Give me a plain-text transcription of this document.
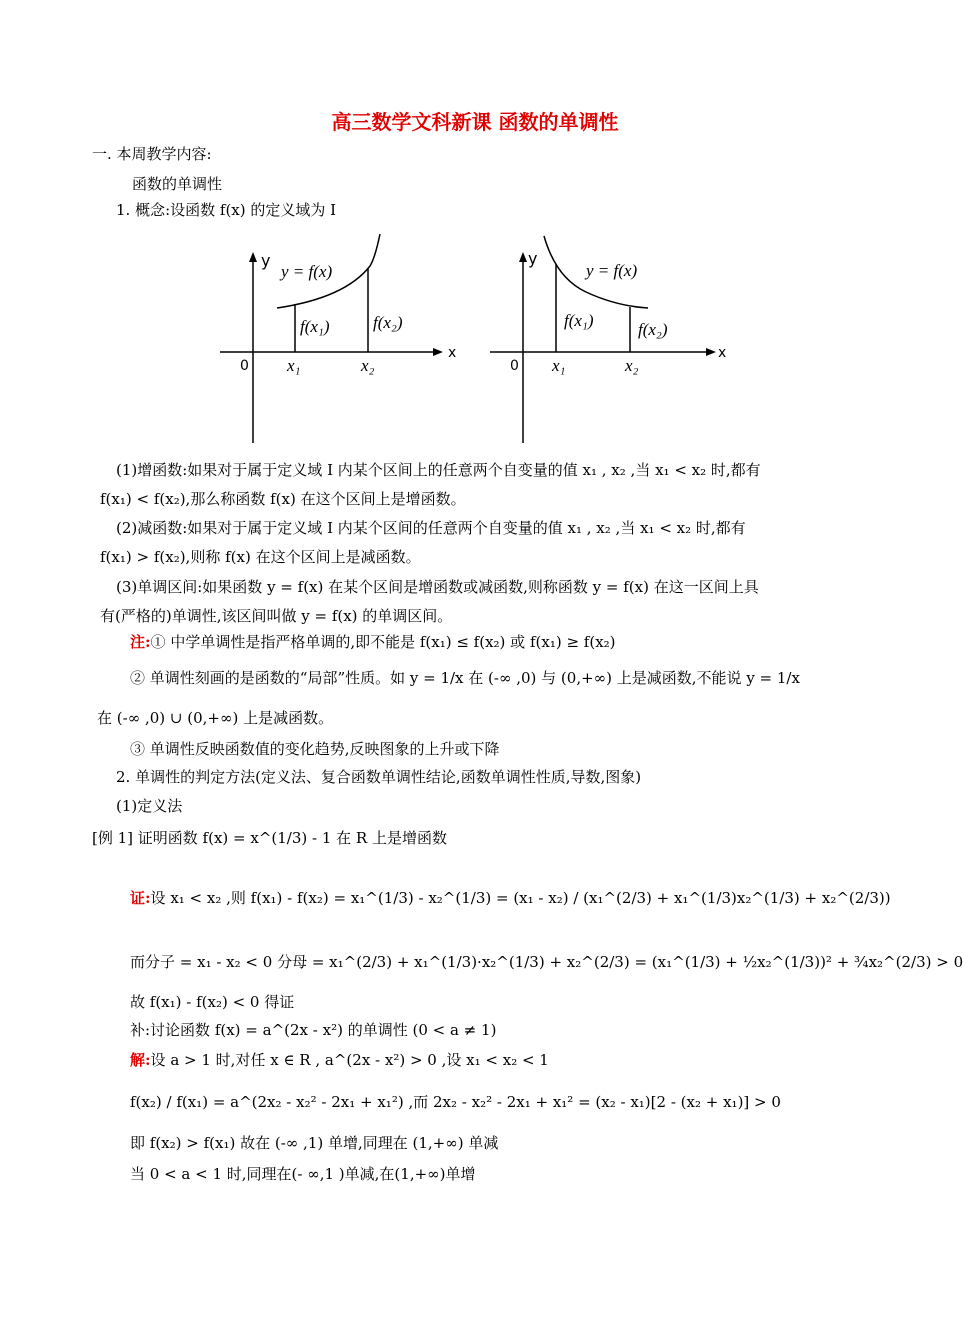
高三数学文科新课 函数的单调性
一. 本周教学内容:
函数的单调性
1. 概念:设函数 f(x) 的定义域为 I
y
x
0
y = f(x)
f(x₁)	f(x₂)
x₁	x₂
y
x
0
y = f(x)
f(x₁)	f(x₂)
x₁	x₂
(1)增函数:如果对于属于定义域 I 内某个区间上的任意两个自变量的值 x₁ , x₂ ,当 x₁ < x₂ 时,都有
f(x₁) < f(x₂),那么称函数 f(x) 在这个区间上是增函数。
(2)减函数:如果对于属于定义域 I 内某个区间的任意两个自变量的值 x₁ , x₂ ,当 x₁ < x₂ 时,都有
f(x₁) > f(x₂),则称 f(x) 在这个区间上是减函数。
(3)单调区间:如果函数 y = f(x) 在某个区间是增函数或减函数,则称函数 y = f(x) 在这一区间上具
有(严格的)单调性,该区间叫做 y = f(x) 的单调区间。
注:① 中学单调性是指严格单调的,即不能是 f(x₁) ≤ f(x₂) 或 f(x₁) ≥ f(x₂)
② 单调性刻画的是函数的“局部”性质。如 y = 1/x 在 (-∞ ,0) 与 (0,+∞) 上是减函数,不能说 y = 1/x
在 (-∞ ,0) ∪ (0,+∞) 上是减函数。
③ 单调性反映函数值的变化趋势,反映图象的上升或下降
2. 单调性的判定方法(定义法、复合函数单调性结论,函数单调性性质,导数,图象)
(1)定义法
[例 1] 证明函数 f(x) = x^(1/3) - 1 在 R 上是增函数
证:设 x₁ < x₂ ,则 f(x₁) - f(x₂) = x₁^(1/3) - x₂^(1/3) = (x₁ - x₂) / (x₁^(2/3) + x₁^(1/3)x₂^(1/3) + x₂^(2/3))
而分子 = x₁ - x₂ < 0 分母 = x₁^(2/3) + x₁^(1/3)·x₂^(1/3) + x₂^(2/3) = (x₁^(1/3) + ½x₂^(1/3))² + ¾x₂^(2/3) > 0
故 f(x₁) - f(x₂) < 0 得证
补:讨论函数 f(x) = a^(2x - x²) 的单调性 (0 < a ≠ 1)
解:设 a > 1 时,对任 x ∈ R , a^(2x - x²) > 0 ,设 x₁ < x₂ < 1
f(x₂) / f(x₁) = a^(2x₂ - x₂² - 2x₁ + x₁²) ,而 2x₂ - x₂² - 2x₁ + x₁² = (x₂ - x₁)[2 - (x₂ + x₁)] > 0
即 f(x₂) > f(x₁) 故在 (-∞ ,1) 单增,同理在 (1,+∞) 单减
当 0 < a < 1 时,同理在(- ∞,1 )单减,在(1,+∞)单增
